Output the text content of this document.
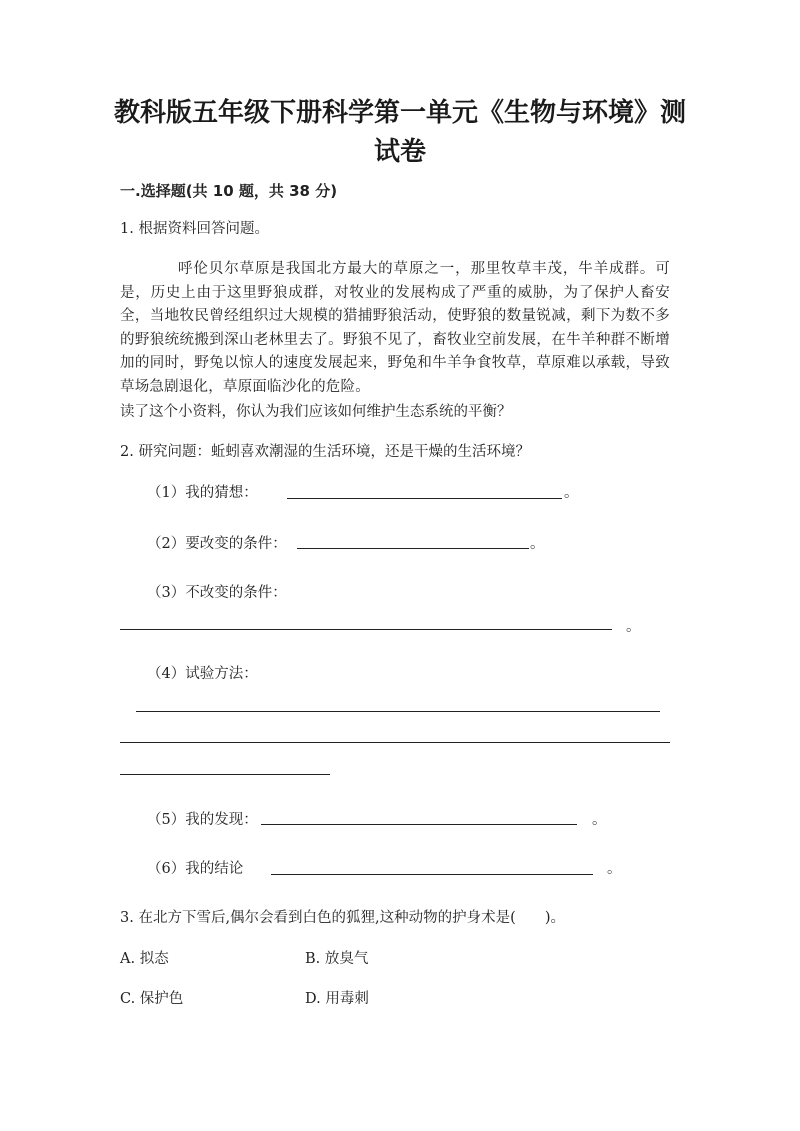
教科版五年级下册科学第一单元《生物与环境》测
试卷
一.选择题(共 10 题，共 38 分)
1. 根据资料回答问题。
呼伦贝尔草原是我国北方最大的草原之一，那里牧草丰茂，牛羊成群。可是，历史上由于这里野狼成群，对牧业的发展构成了严重的威胁，为了保护人畜安全，当地牧民曾经组织过大规模的猎捕野狼活动，使野狼的数量锐减，剩下为数不多的野狼统统搬到深山老林里去了。野狼不见了，畜牧业空前发展，在牛羊种群不断增加的同时，野兔以惊人的速度发展起来，野兔和牛羊争食牧草，草原难以承载，导致草场急剧退化，草原面临沙化的危险。
读了这个小资料，你认为我们应该如何维护生态系统的平衡？
2. 研究问题：蚯蚓喜欢潮湿的生活环境，还是干燥的生活环境？
（1）我的猜想：	。
（2）要改变的条件：	。
（3）不改变的条件：
。
（4）试验方法：
（5）我的发现：	。
（6）我的结论	。
3. 在北方下雪后,偶尔会看到白色的狐狸,这种动物的护身术是(　　)。
A. 拟态	B. 放臭气
C. 保护色	D. 用毒刺
